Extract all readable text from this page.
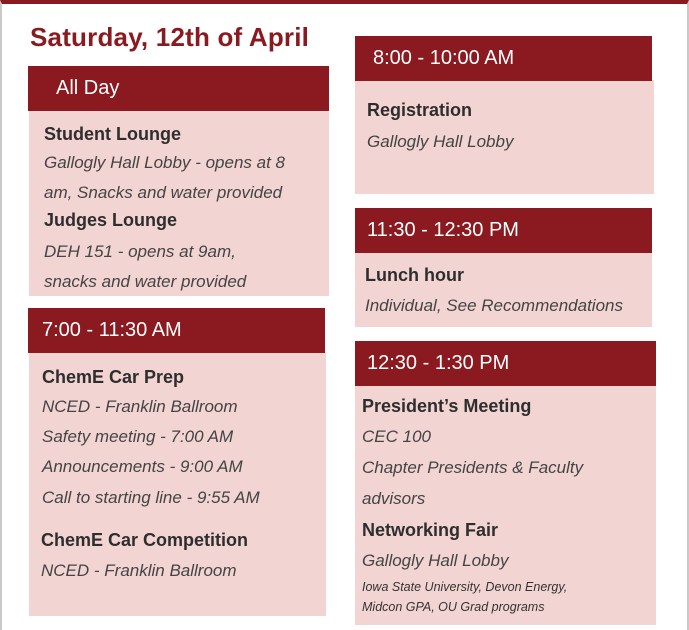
Saturday, 12th of April
All Day
Student Lounge
Gallogly Hall Lobby - opens at 8
am, Snacks and water provided
Judges Lounge
DEH 151 - opens at 9am,
snacks and water provided
7:00 - 11:30 AM
ChemE Car Prep
NCED - Franklin Ballroom
Safety meeting - 7:00 AM
Announcements - 9:00 AM
Call to starting line - 9:55 AM
ChemE Car Competition
NCED - Franklin Ballroom
8:00 - 10:00 AM
Registration
Gallogly Hall Lobby
11:30 - 12:30 PM
Lunch hour
Individual, See Recommendations
12:30 - 1:30 PM
President’s Meeting
CEC 100
Chapter Presidents & Faculty
advisors
Networking Fair
Gallogly Hall Lobby
Iowa State University, Devon Energy,
Midcon GPA, OU Grad programs
